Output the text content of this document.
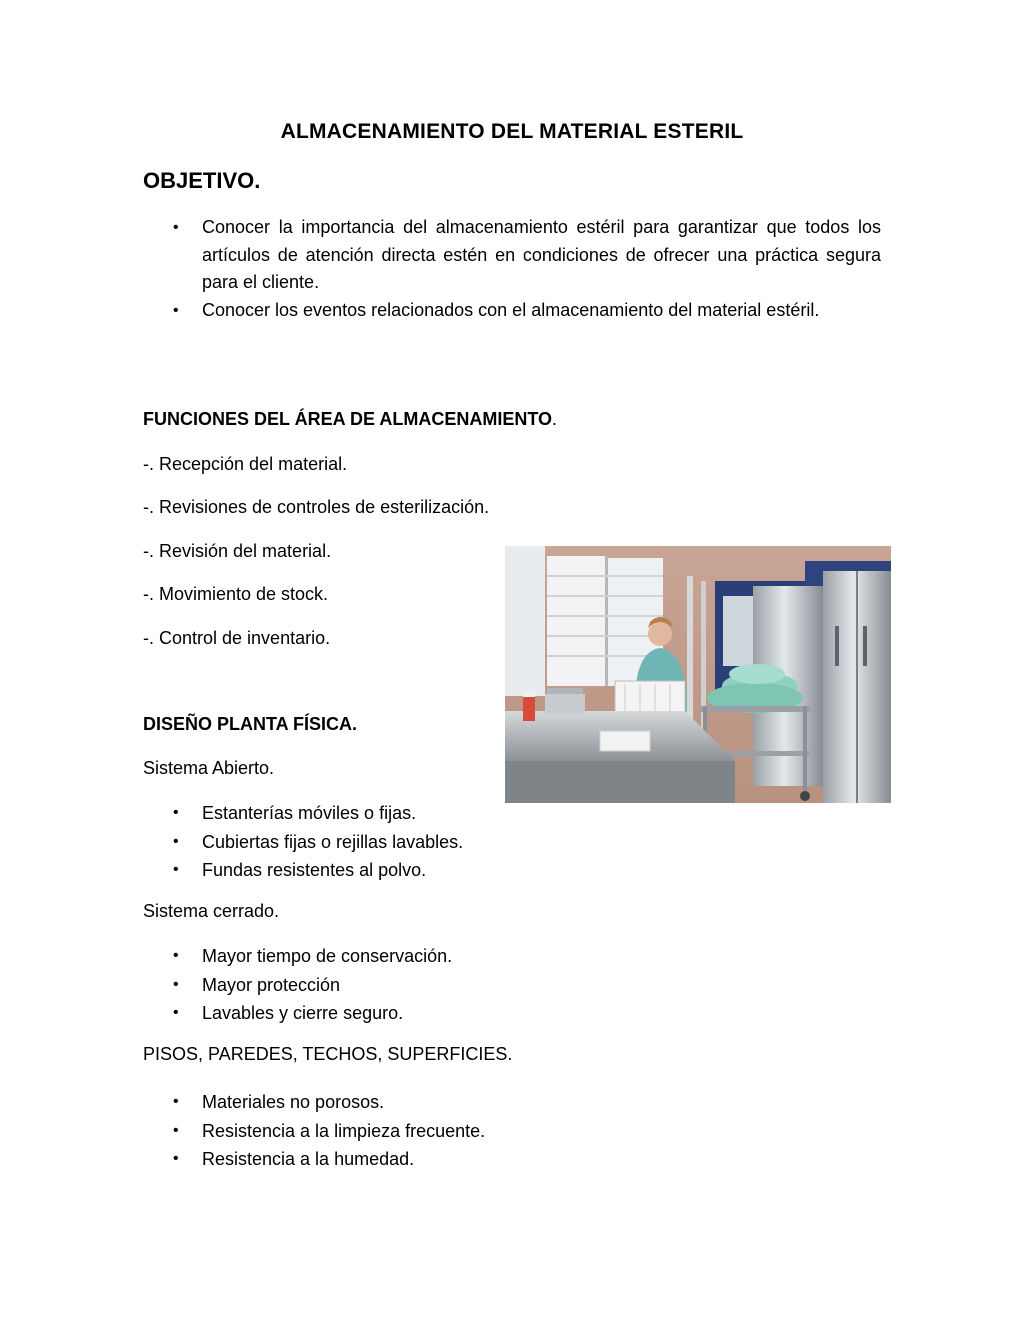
ALMACENAMIENTO DEL MATERIAL ESTERIL
OBJETIVO.
• Conocer la importancia del almacenamiento estéril para garantizar que todos los artículos de atención directa estén en condiciones de ofrecer una práctica segura para el cliente.
• Conocer los eventos relacionados con el almacenamiento del material estéril.
FUNCIONES DEL ÁREA DE ALMACENAMIENTO.
-. Recepción del material.
-. Revisiones de controles de esterilización.
-. Revisión del material.
-. Movimiento de stock.
-. Control de inventario.
DISEÑO PLANTA FÍSICA.
Sistema Abierto.
• Estanterías móviles o fijas.
• Cubiertas fijas o rejillas lavables.
• Fundas resistentes al polvo.
Sistema cerrado.
• Mayor tiempo de conservación.
• Mayor protección
• Lavables y cierre seguro.
PISOS, PAREDES, TECHOS, SUPERFICIES.
• Materiales no porosos.
• Resistencia a la limpieza frecuente.
• Resistencia a la humedad.
